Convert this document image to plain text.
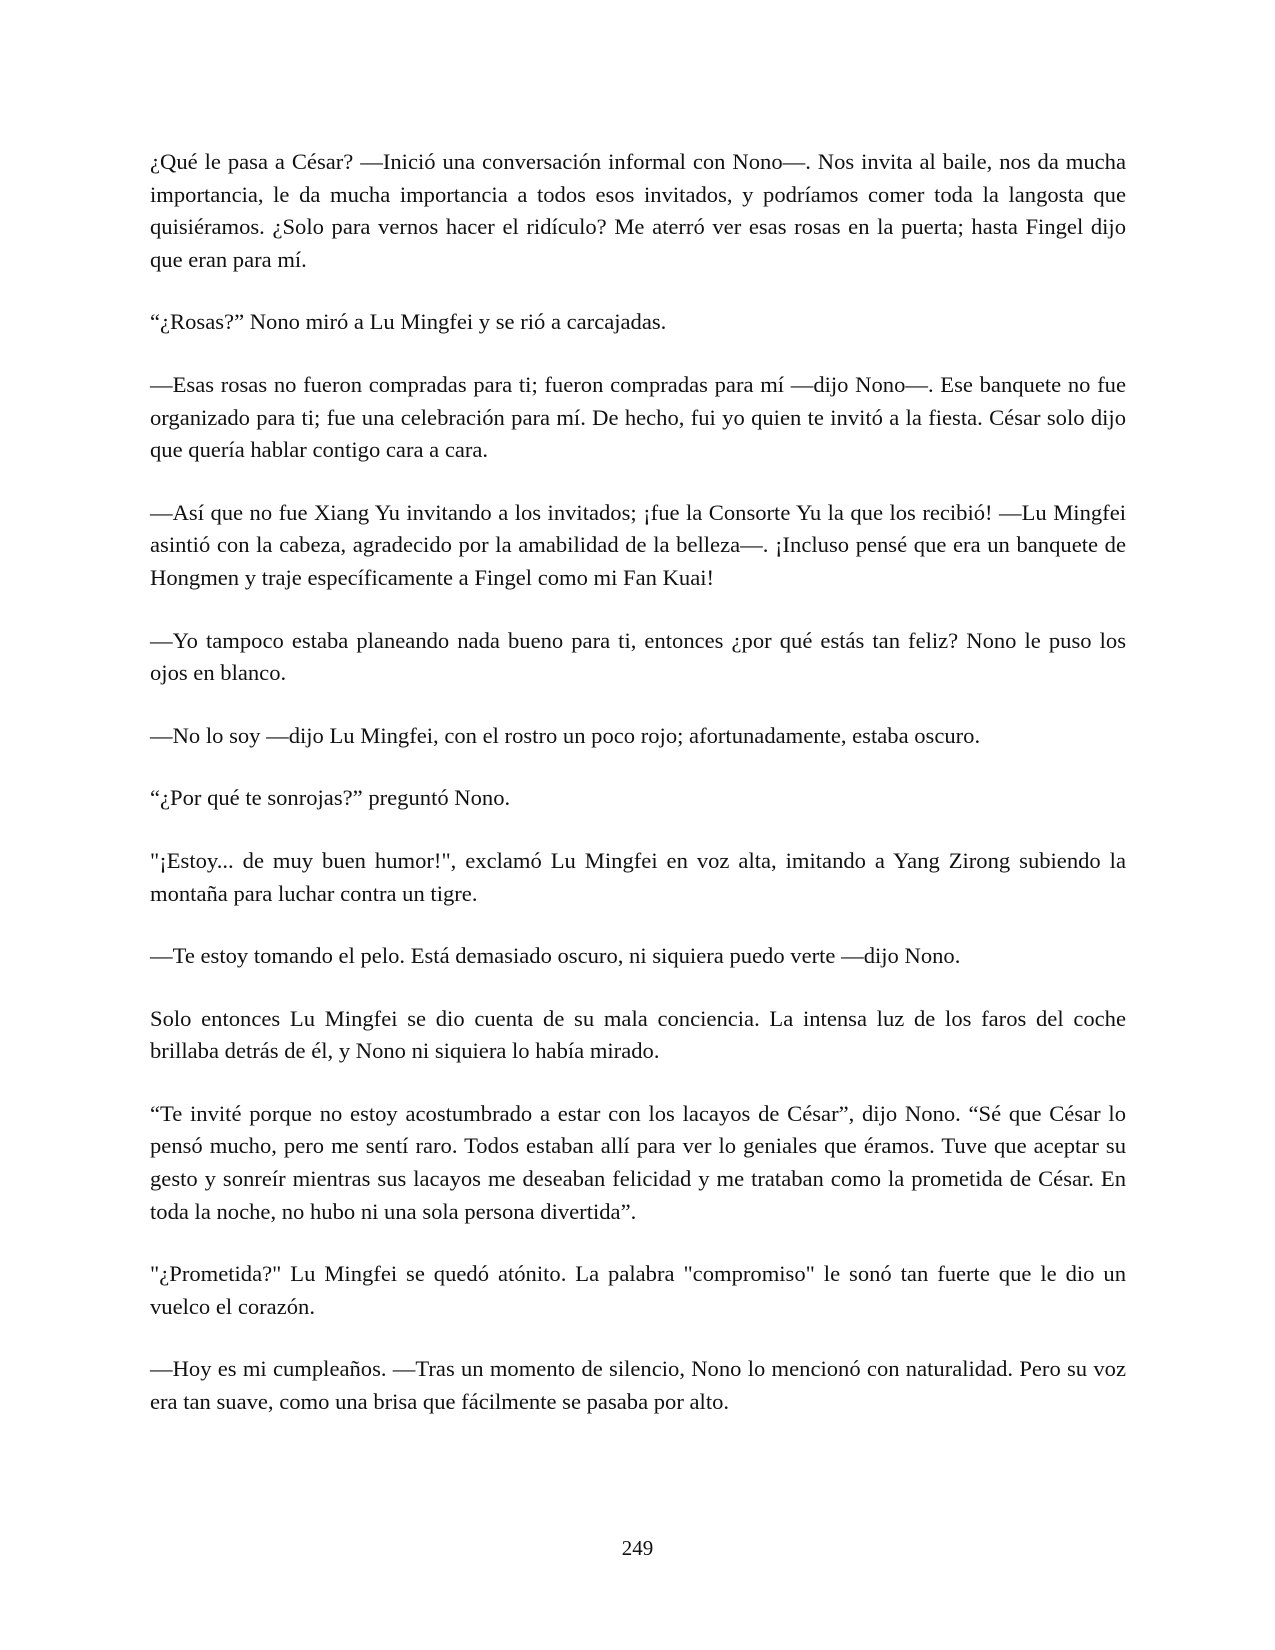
¿Qué le pasa a César? —Inició una conversación informal con Nono—. Nos invita al baile, nos da mucha importancia, le da mucha importancia a todos esos invitados, y podríamos comer toda la langosta que quisiéramos. ¿Solo para vernos hacer el ridículo? Me aterró ver esas rosas en la puerta; hasta Fingel dijo que eran para mí.

“¿Rosas?” Nono miró a Lu Mingfei y se rió a carcajadas.

—Esas rosas no fueron compradas para ti; fueron compradas para mí —dijo Nono—. Ese banquete no fue organizado para ti; fue una celebración para mí. De hecho, fui yo quien te invitó a la fiesta. César solo dijo que quería hablar contigo cara a cara.

—Así que no fue Xiang Yu invitando a los invitados; ¡fue la Consorte Yu la que los recibió! —Lu Mingfei asintió con la cabeza, agradecido por la amabilidad de la belleza—. ¡Incluso pensé que era un banquete de Hongmen y traje específicamente a Fingel como mi Fan Kuai!

—Yo tampoco estaba planeando nada bueno para ti, entonces ¿por qué estás tan feliz? Nono le puso los ojos en blanco.

—No lo soy —dijo Lu Mingfei, con el rostro un poco rojo; afortunadamente, estaba oscuro.

“¿Por qué te sonrojas?” preguntó Nono.

"¡Estoy... de muy buen humor!", exclamó Lu Mingfei en voz alta, imitando a Yang Zirong subiendo la montaña para luchar contra un tigre.

—Te estoy tomando el pelo. Está demasiado oscuro, ni siquiera puedo verte —dijo Nono.

Solo entonces Lu Mingfei se dio cuenta de su mala conciencia. La intensa luz de los faros del coche brillaba detrás de él, y Nono ni siquiera lo había mirado.

“Te invité porque no estoy acostumbrado a estar con los lacayos de César”, dijo Nono. “Sé que César lo pensó mucho, pero me sentí raro. Todos estaban allí para ver lo geniales que éramos. Tuve que aceptar su gesto y sonreír mientras sus lacayos me deseaban felicidad y me trataban como la prometida de César. En toda la noche, no hubo ni una sola persona divertida”.

"¿Prometida?" Lu Mingfei se quedó atónito. La palabra "compromiso" le sonó tan fuerte que le dio un vuelco el corazón.

—Hoy es mi cumpleaños. —Tras un momento de silencio, Nono lo mencionó con naturalidad. Pero su voz era tan suave, como una brisa que fácilmente se pasaba por alto.

249
